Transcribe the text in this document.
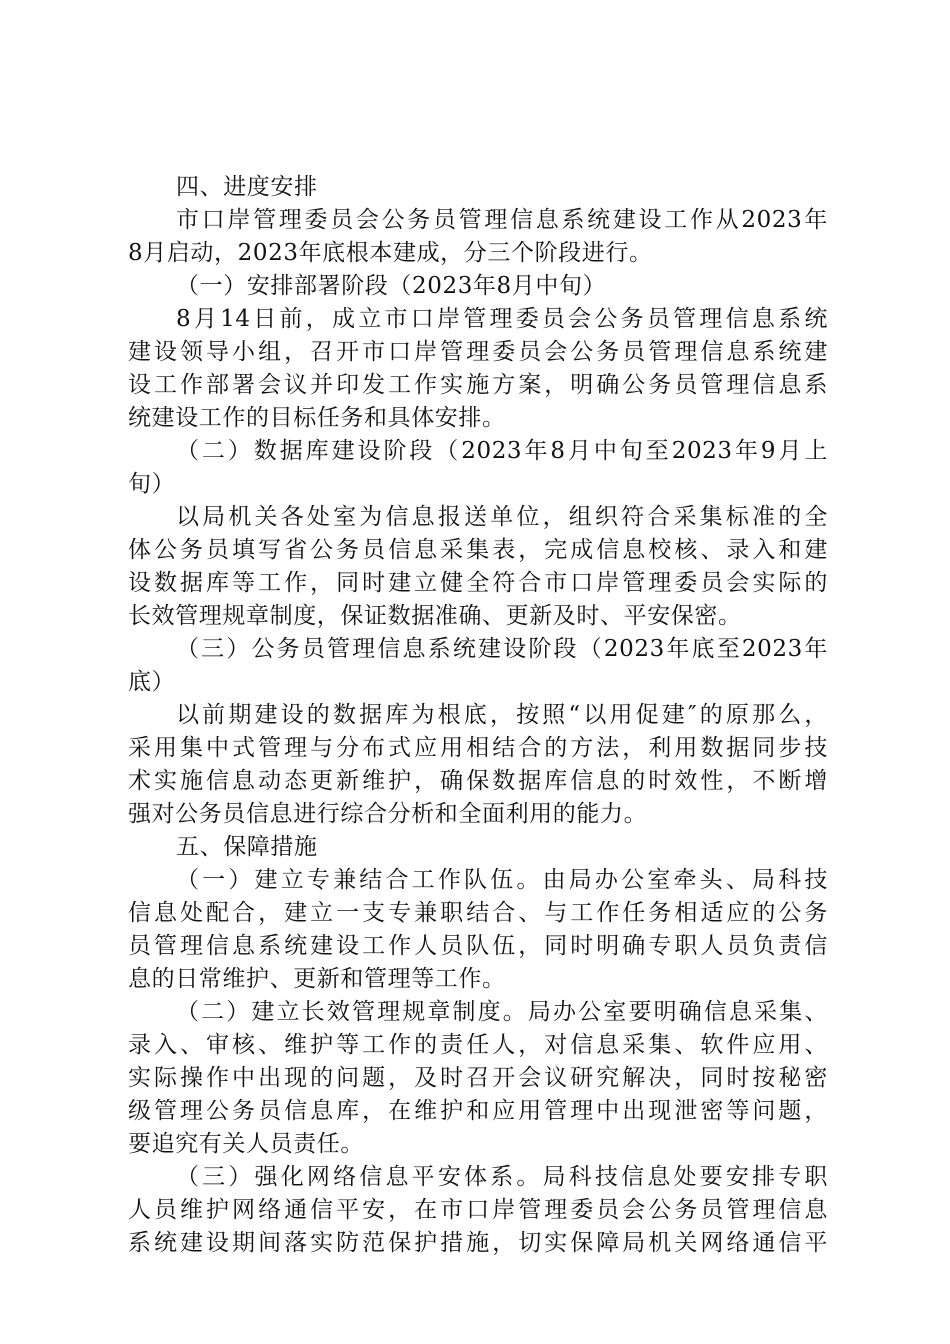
四、进度安排
市口岸管理委员会公务员管理信息系统建设工作从2023年
8月启动，2023年底根本建成，分三个阶段进行。
（一）安排部署阶段（2023年8月中旬）
8月14日前，成立市口岸管理委员会公务员管理信息系统
建设领导小组，召开市口岸管理委员会公务员管理信息系统建
设工作部署会议并印发工作实施方案，明确公务员管理信息系
统建设工作的目标任务和具体安排。
（二）数据库建设阶段（2023年8月中旬至2023年9月上
旬）
以局机关各处室为信息报送单位，组织符合采集标准的全
体公务员填写省公务员信息采集表，完成信息校核、录入和建
设数据库等工作，同时建立健全符合市口岸管理委员会实际的
长效管理规章制度，保证数据准确、更新及时、平安保密。
（三）公务员管理信息系统建设阶段（2023年底至2023年
底）
以前期建设的数据库为根底，按照“以用促建″的原那么，
采用集中式管理与分布式应用相结合的方法，利用数据同步技
术实施信息动态更新维护，确保数据库信息的时效性，不断增
强对公务员信息进行综合分析和全面利用的能力。
五、保障措施
（一）建立专兼结合工作队伍。由局办公室牵头、局科技
信息处配合，建立一支专兼职结合、与工作任务相适应的公务
员管理信息系统建设工作人员队伍，同时明确专职人员负责信
息的日常维护、更新和管理等工作。
（二）建立长效管理规章制度。局办公室要明确信息采集、
录入、审核、维护等工作的责任人，对信息采集、软件应用、
实际操作中出现的问题，及时召开会议研究解决，同时按秘密
级管理公务员信息库，在维护和应用管理中出现泄密等问题，
要追究有关人员责任。
（三）强化网络信息平安体系。局科技信息处要安排专职
人员维护网络通信平安，在市口岸管理委员会公务员管理信息
系统建设期间落实防范保护措施，切实保障局机关网络通信平
